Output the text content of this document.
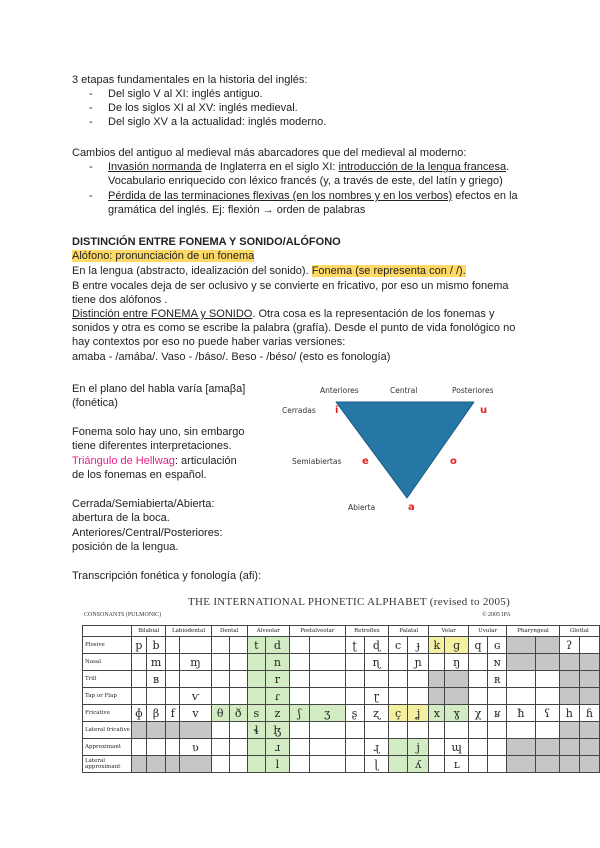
3 etapas fundamentales en la historia del inglés:
- Del siglo V al XI: inglés antiguo.
- De los siglos XI al XV: inglés medieval.
- Del siglo XV a la actualidad: inglés moderno.
Cambios del antiguo al medieval más abarcadores que del medieval al moderno:
- Invasión normanda de Inglaterra en el siglo XI: introducción de la lengua francesa.
Vocabulario enriquecido con léxico francés (y, a través de este, del latín y griego)
- Pérdida de las terminaciones flexivas (en los nombres y en los verbos) efectos en la
gramática del inglés. Ej: flexión → orden de palabras
DISTINCIÓN ENTRE FONEMA Y SONIDO/ALÓFONO
Alófono: pronunciación de un fonema
En la lengua (abstracto, idealización del sonido). Fonema (se representa con / /).
B entre vocales deja de ser oclusivo y se convierte en fricativo, por eso un mismo fonema
tiene dos alófonos .
Distinción entre FONEMA y SONIDO. Otra cosa es la representación de los fonemas y
sonidos y otra es como se escribe la palabra (grafía). Desde el punto de vida fonológico no
hay contextos por eso no puede haber varias versiones:
amaba - /amába/. Vaso - /báso/. Beso - /béso/ (esto es fonología)
En el plano del habla varía [amaβa]
(fonética)
Fonema solo hay uno, sin embargo
tiene diferentes interpretaciones.
Triángulo de Hellwag: articulación
de los fonemas en español.
Cerrada/Semiabierta/Abierta:
abertura de la boca.
Anteriores/Central/Posteriores:
posición de la lengua.
Transcripción fonética y fonología (afi):
Anteriores	Central	Posteriores
Cerradas
Semiabiertas
Abierta
i	u
e	o
a
THE INTERNATIONAL PHONETIC ALPHABET (revised to 2005)
CONSONANTS (PULMONIC)	© 2005 IPA
	Bilabial		Labiodental		Dental		Alveolar		Postalveolar		Retroflex		Palatal		Velar		Uvular		Pharyngeal		Glottal	
Plosive	p	b					t	d			ʈ	ɖ	c	ɟ	k	ɡ	q	ɢ			ʔ	
Nasal		m		ɱ				n				ɳ		ɲ		ŋ		ɴ				
Trill		ʙ						r										ʀ				
Tap or Flap				ⱱ				ɾ				ɽ										
Fricative	ɸ	β	f	v	θ	ð	s	z	ʃ	ʒ	ʂ	ʐ	ç	ʝ	x	ɣ	χ	ʁ	ħ	ʕ	h	ɦ
Lateral fricative							ɬ	ɮ														
Approximant				ʋ				ɹ				ɻ		j		ɰ						
Lateral approximant								l				ɭ		ʎ		ʟ						
